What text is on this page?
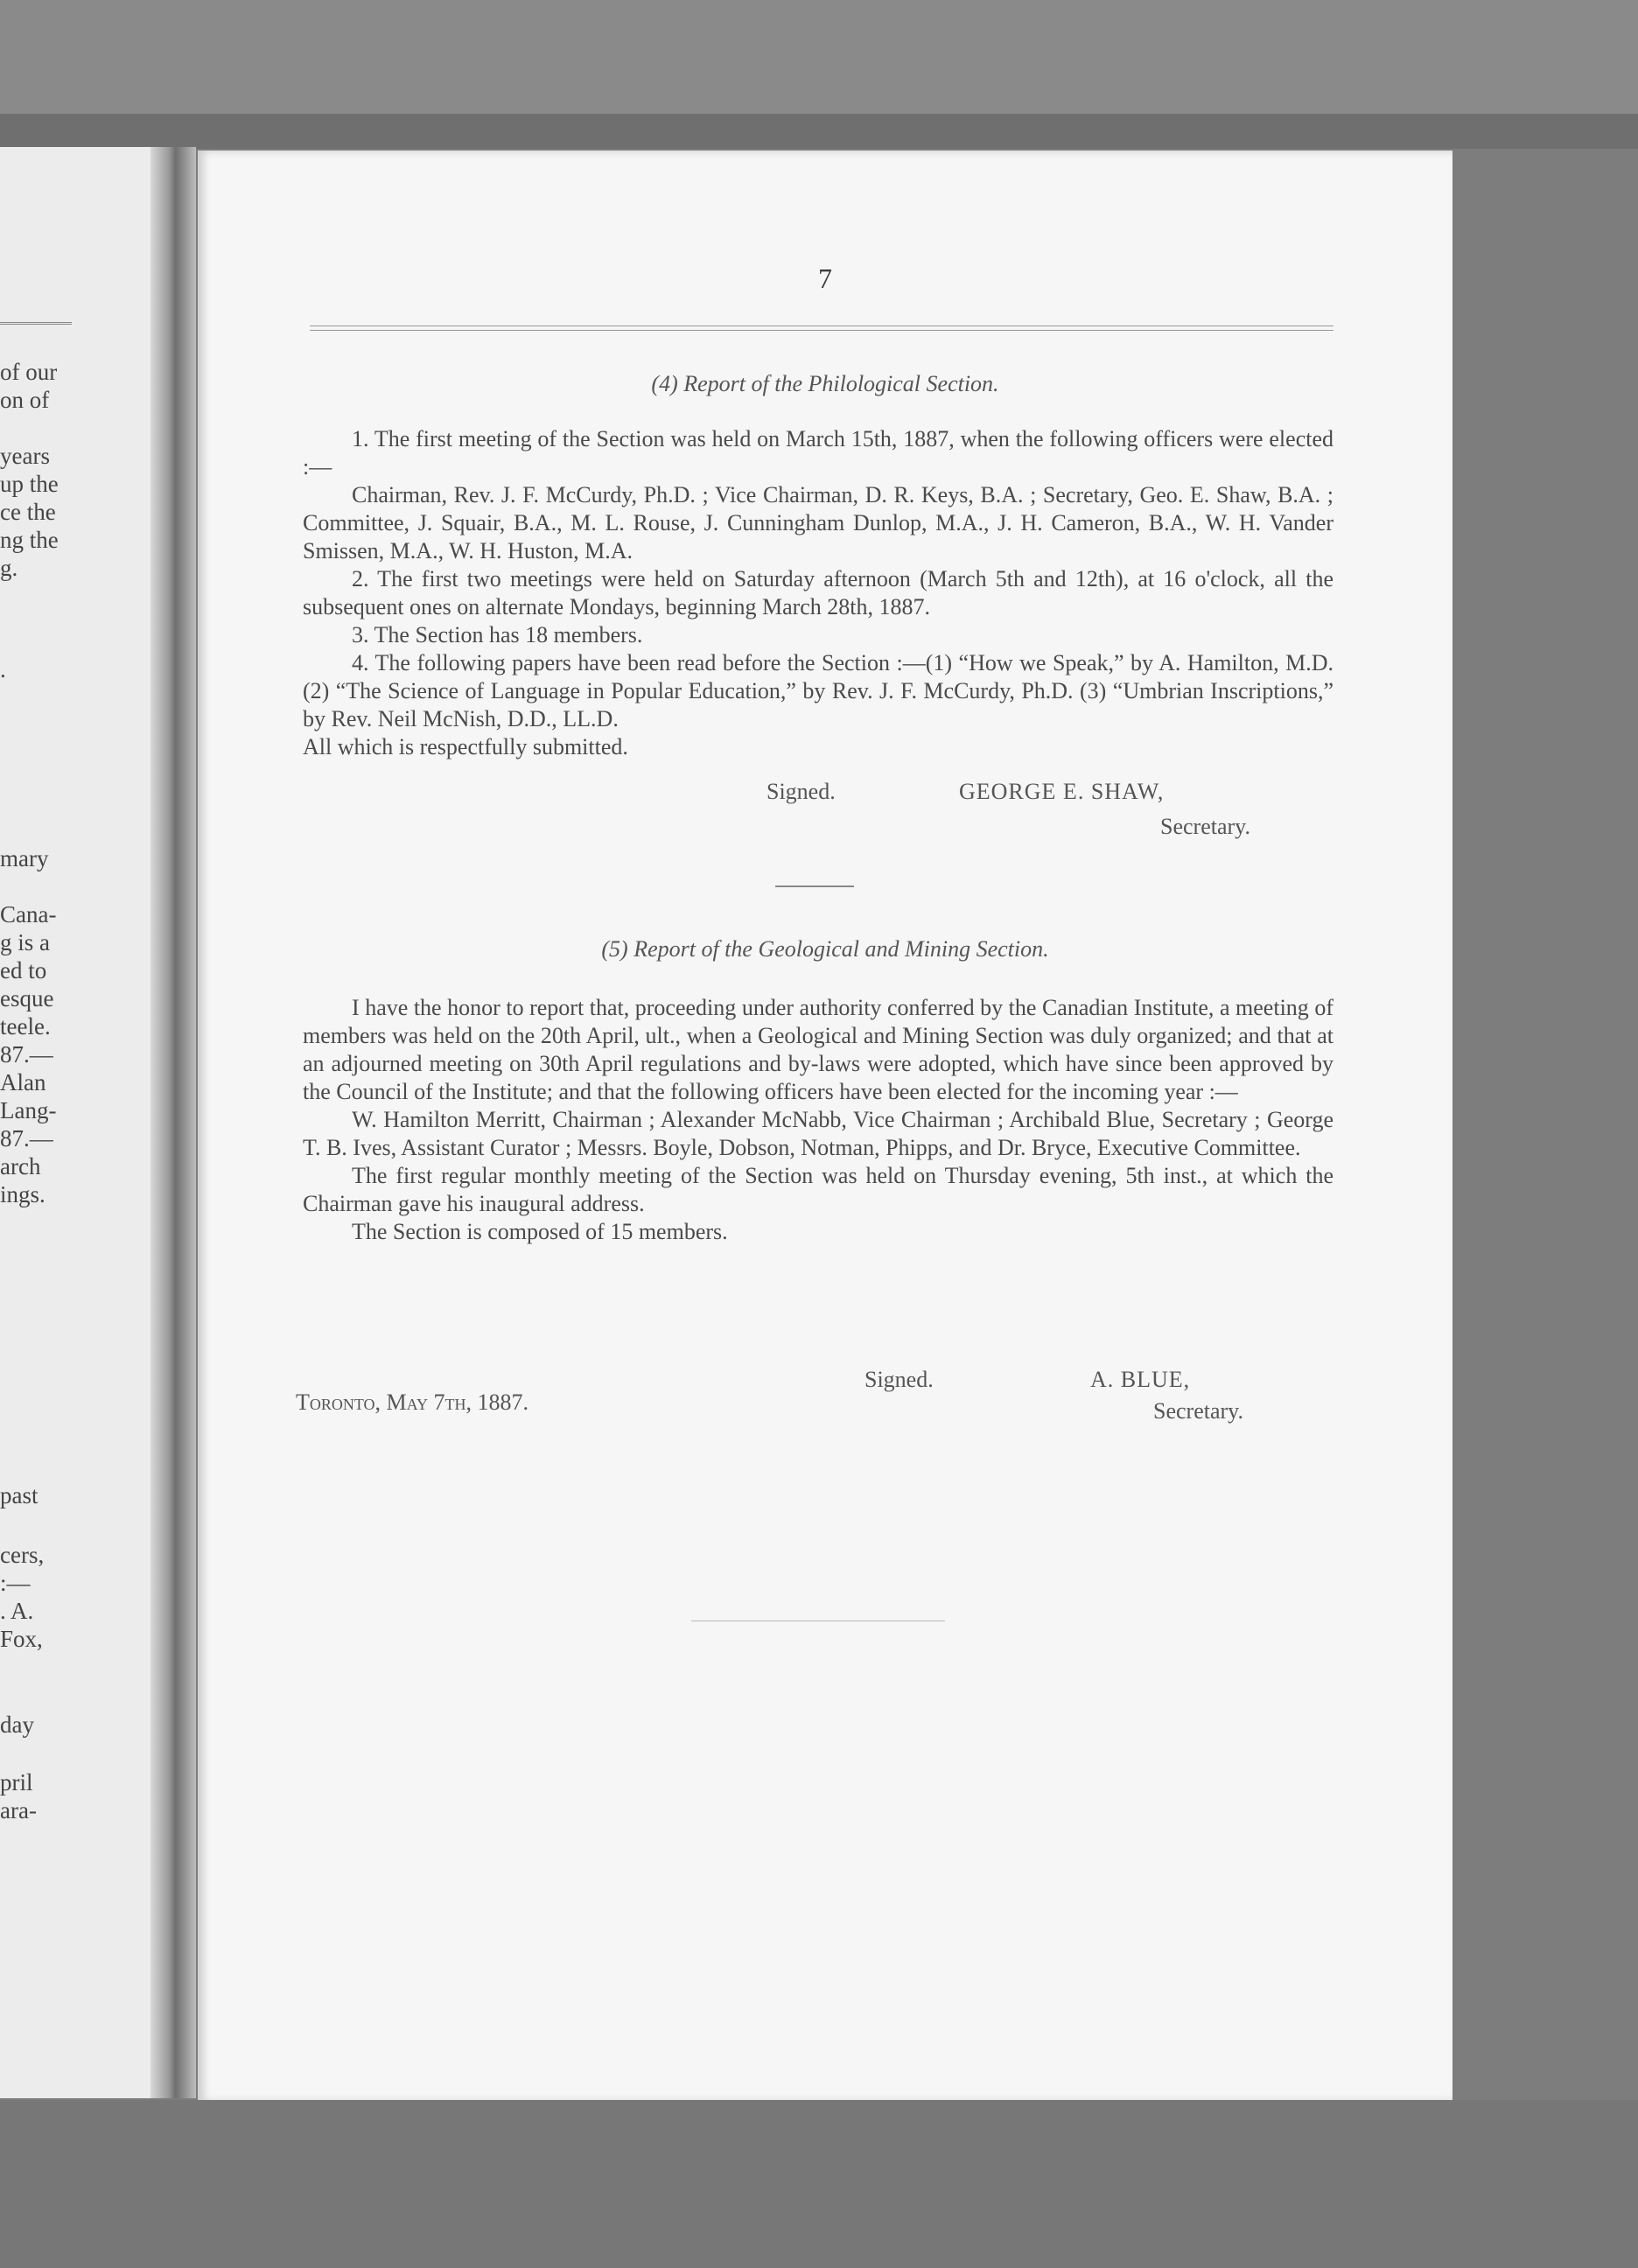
of our
on of
years
up the
ce the
ng the
g.
.
mary
Cana-
g is a
ed to
esque
teele.
87.—
Alan
Lang-
87.—
arch
ings.
past
cers,
:—
. A.
Fox,
day
pril
ara-
7
(4) Report of the Philological Section.

1. The first meeting of the Section was held on March 15th, 1887, when the following officers were elected :—

Chairman, Rev. J. F. McCurdy, Ph.D. ; Vice Chairman, D. R. Keys, B.A. ; Secretary, Geo. E. Shaw, B.A. ; Committee, J. Squair, B.A., M. L. Rouse, J. Cunningham Dunlop, M.A., J. H. Cameron, B.A., W. H. Vander Smissen, M.A., W. H. Huston, M.A.

2. The first two meetings were held on Saturday afternoon (March 5th and 12th), at 16 o'clock, all the subsequent ones on alternate Mondays, beginning March 28th, 1887.

3. The Section has 18 members.

4. The following papers have been read before the Section :—(1) “How we Speak,” by A. Hamilton, M.D. (2) “The Science of Language in Popular Education,” by Rev. J. F. McCurdy, Ph.D. (3) “Umbrian Inscriptions,” by Rev. Neil McNish, D.D., LL.D.

All which is respectfully submitted.

Signed.	GEORGE E. SHAW,
Secretary.
(5) Report of the Geological and Mining Section.

I have the honor to report that, proceeding under authority conferred by the Canadian Institute, a meeting of members was held on the 20th April, ult., when a Geological and Mining Section was duly organized; and that at an adjourned meeting on 30th April regulations and by-laws were adopted, which have since been approved by the Council of the Institute; and that the following officers have been elected for the incoming year :—

W. Hamilton Merritt, Chairman ; Alexander McNabb, Vice Chairman ; Archibald Blue, Secretary ; George T. B. Ives, Assistant Curator ; Messrs. Boyle, Dobson, Notman, Phipps, and Dr. Bryce, Executive Committee.

The first regular monthly meeting of the Section was held on Thursday evening, 5th inst., at which the Chairman gave his inaugural address.

The Section is composed of 15 members.

Signed.	A. BLUE,
Secretary.
Toronto, May 7th, 1887.
